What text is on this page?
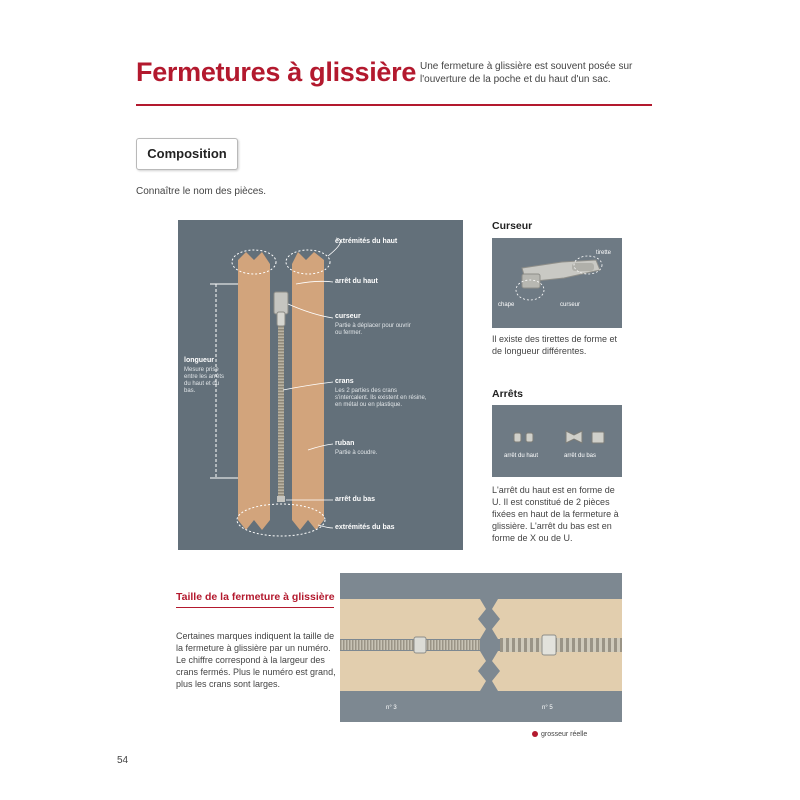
Fermetures à glissière Une fermeture à glissière est souvent posée sur l'ouverture de la poche et du haut d'un sac.
Composition
Connaître le nom des pièces.
extrémités du haut
arrêt du haut
curseur
Partie à déplacer pour ouvrir ou fermer.
longueur
Mesure prise entre les arrêts du haut et du bas.
crans
Les 2 parties des crans s'intercalent. Ils existent en résine, en métal ou en plastique.
ruban
Partie à coudre.
arrêt du bas
extrémités du bas
Curseur
tirette
chape	curseur
Il existe des tirettes de forme et de longueur différentes.
Arrêts
arrêt du haut	arrêt du bas
L'arrêt du haut est en forme de U. Il est constitué de 2 pièces fixées en haut de la fermeture à glissière. L'arrêt du bas est en forme de X ou de U.
Taille de la fermeture à glissière
Certaines marques indiquent la taille de la fermeture à glissière par un numéro. Le chiffre correspond à la largeur des crans fermés. Plus le numéro est grand, plus les crans sont larges.
n° 3	n° 5
grosseur réelle
54
